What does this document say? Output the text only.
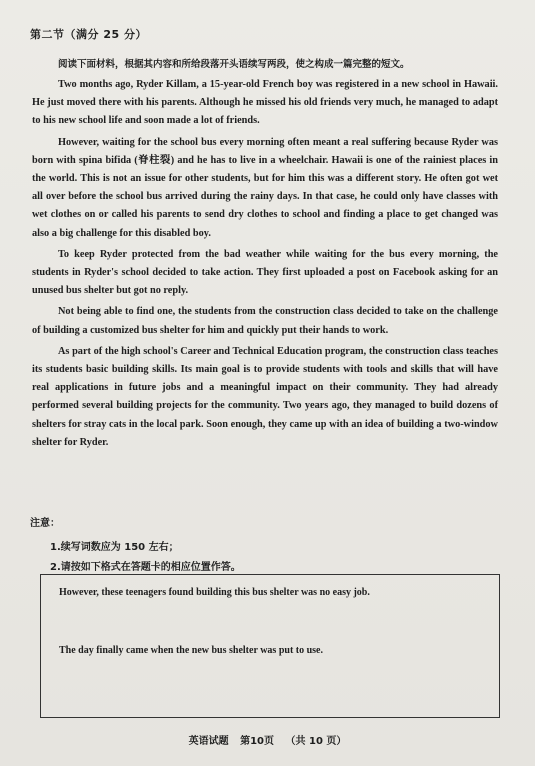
第二节（满分 25 分）
阅读下面材料，根据其内容和所给段落开头语续写两段，使之构成一篇完整的短文。

Two months ago, Ryder Killam, a 15-year-old French boy was registered in a new school in Hawaii. He just moved there with his parents. Although he missed his old friends very much, he managed to adapt to his new school life and soon made a lot of friends.

However, waiting for the school bus every morning often meant a real suffering because Ryder was born with spina bifida (脊柱裂) and he has to live in a wheelchair. Hawaii is one of the rainiest places in the world. This is not an issue for other students, but for him this was a different story. He often got wet all over before the school bus arrived during the rainy days. In that case, he could only have classes with wet clothes on or called his parents to send dry clothes to school and finding a place to get changed was also a big challenge for this disabled boy.

To keep Ryder protected from the bad weather while waiting for the bus every morning, the students in Ryder's school decided to take action. They first uploaded a post on Facebook asking for an unused bus shelter but got no reply.

Not being able to find one, the students from the construction class decided to take on the challenge of building a customized bus shelter for him and quickly put their hands to work.

As part of the high school's Career and Technical Education program, the construction class teaches its students basic building skills. Its main goal is to provide students with tools and skills that will have real applications in future jobs and a meaningful impact on their community. They had already performed several building projects for the community. Two years ago, they managed to build dozens of shelters for stray cats in the local park. Soon enough, they came up with an idea of building a two-window shelter for Ryder.

注意：
1.续写词数应为 150 左右；
2.请按如下格式在答题卡的相应位置作答。
However, these teenagers found building this bus shelter was no easy job.
The day finally came when the new bus shelter was put to use.
英语试题 第10页 （共 10 页）
